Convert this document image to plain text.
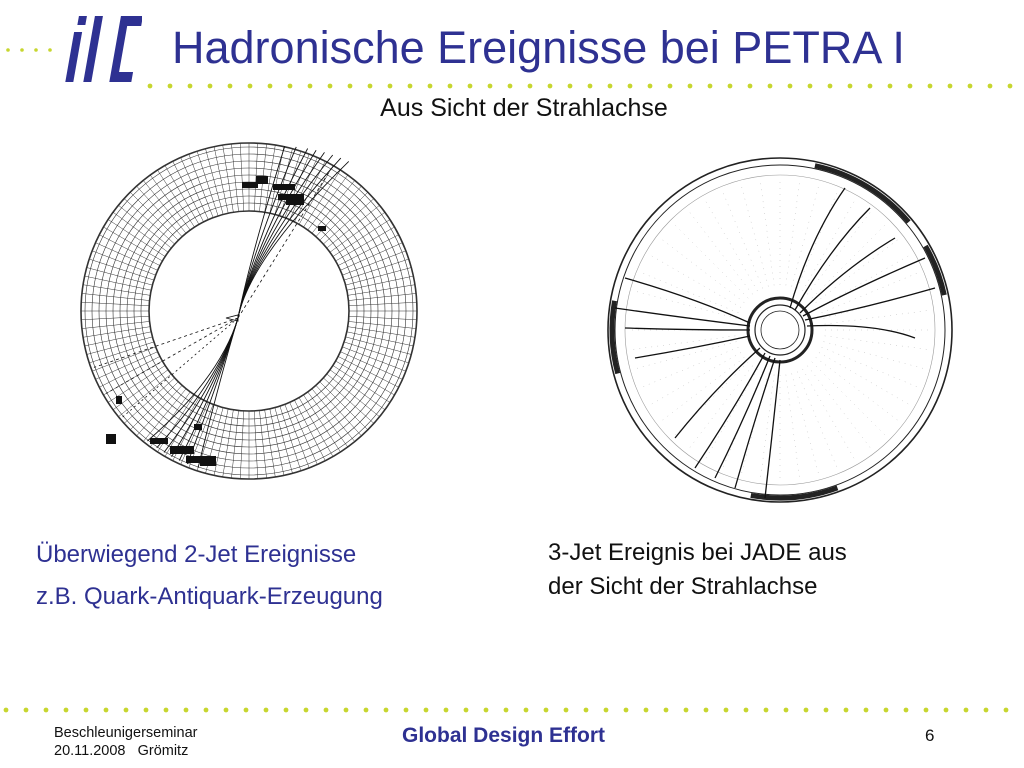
Hadronische Ereignisse bei PETRA I
Aus Sicht der Strahlachse
Überwiegend 2-Jet Ereignisse
z.B. Quark-Antiquark-Erzeugung
3-Jet Ereignis bei JADE aus
der Sicht der Strahlachse
Beschleunigerseminar
20.11.2008   Grömitz
Global Design Effort	6
